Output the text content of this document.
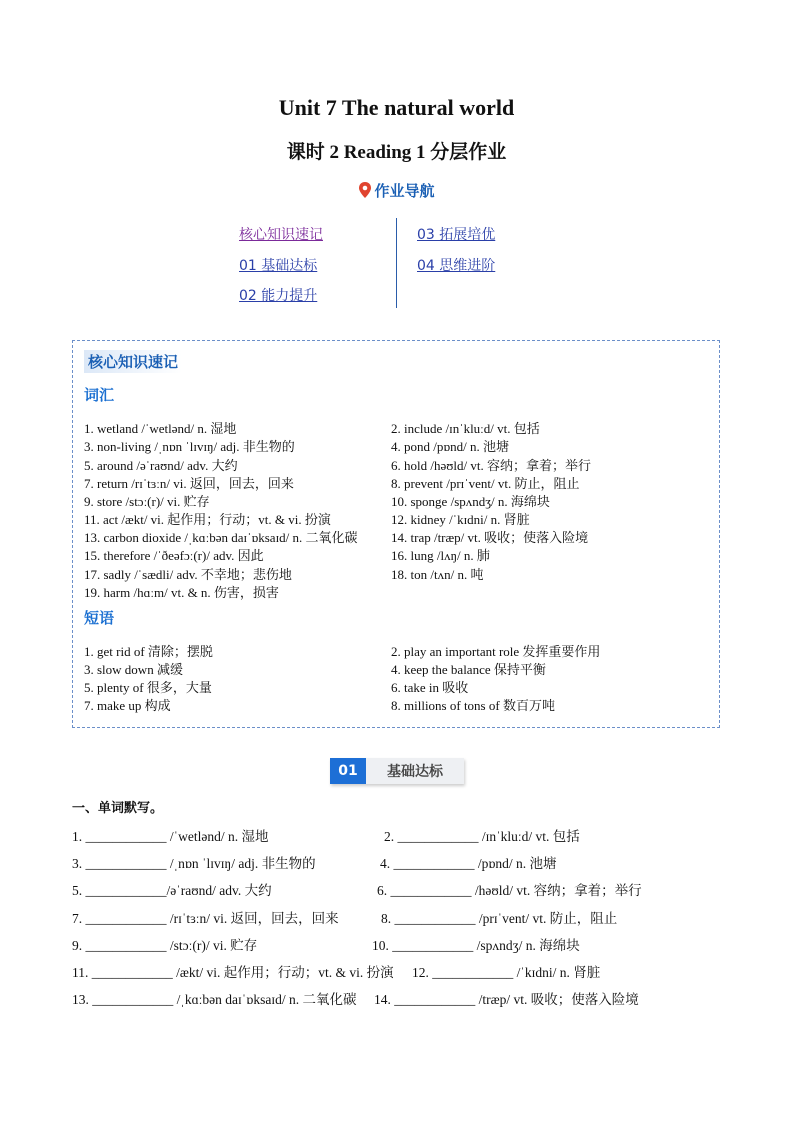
Unit 7 The natural world
课时 2 Reading 1 分层作业
作业导航
核心知识速记
01 基础达标
02 能力提升
03 拓展培优
04 思维进阶
核心知识速记
词汇
1. wetland /ˈwetlənd/ n. 湿地
3. non-living /ˌnɒn ˈlɪvɪŋ/ adj. 非生物的
5. around /əˈraʊnd/ adv. 大约
7. return /rɪˈtɜːn/ vi. 返回，回去，回来
9. store /stɔː(r)/ vi. 贮存
11. act /ækt/ vi. 起作用；行动；vt. & vi. 扮演
13. carbon dioxide /ˌkɑːbən daɪˈɒksaɪd/ n. 二氧化碳
15. therefore /ˈðeəfɔː(r)/ adv. 因此
17. sadly /ˈsædli/ adv. 不幸地；悲伤地
19. harm /hɑːm/ vt. & n. 伤害，损害
2. include /ɪnˈkluːd/ vt. 包括
4. pond /pɒnd/ n. 池塘
6. hold /həʊld/ vt. 容纳；拿着；举行
8. prevent /prɪˈvent/ vt. 防止，阻止
10. sponge /spʌndʒ/ n. 海绵块
12. kidney /ˈkɪdni/ n. 肾脏
14. trap /træp/ vt. 吸收；使落入险境
16. lung /lʌŋ/ n. 肺
18. ton /tʌn/ n. 吨
短语
1. get rid of 清除；摆脱
3. slow down 减缓
5. plenty of 很多，大量
7. make up 构成
2. play an important role 发挥重要作用
4. keep the balance 保持平衡
6. take in 吸收
8. millions of tons of 数百万吨
01	基础达标
一、单词默写。
1. ____________ /ˈwetlənd/ n. 湿地
3. ____________ /ˌnɒn ˈlɪvɪŋ/ adj. 非生物的
5. ____________/əˈraʊnd/ adv. 大约
7. ____________ /rɪˈtɜːn/ vi. 返回，回去，回来
9. ____________ /stɔː(r)/ vi. 贮存
11. ____________ /ækt/ vi. 起作用；行动；vt. & vi. 扮演
13. ____________ /ˌkɑːbən daɪˈɒksaɪd/ n. 二氧化碳
2. ____________ /ɪnˈkluːd/ vt. 包括
4. ____________ /pɒnd/ n. 池塘
6. ____________ /həʊld/ vt. 容纳；拿着；举行
8. ____________ /prɪˈvent/ vt. 防止，阻止
10. ____________ /spʌndʒ/ n. 海绵块
12. ____________ /ˈkɪdni/ n. 肾脏
14. ____________ /træp/ vt. 吸收；使落入险境
